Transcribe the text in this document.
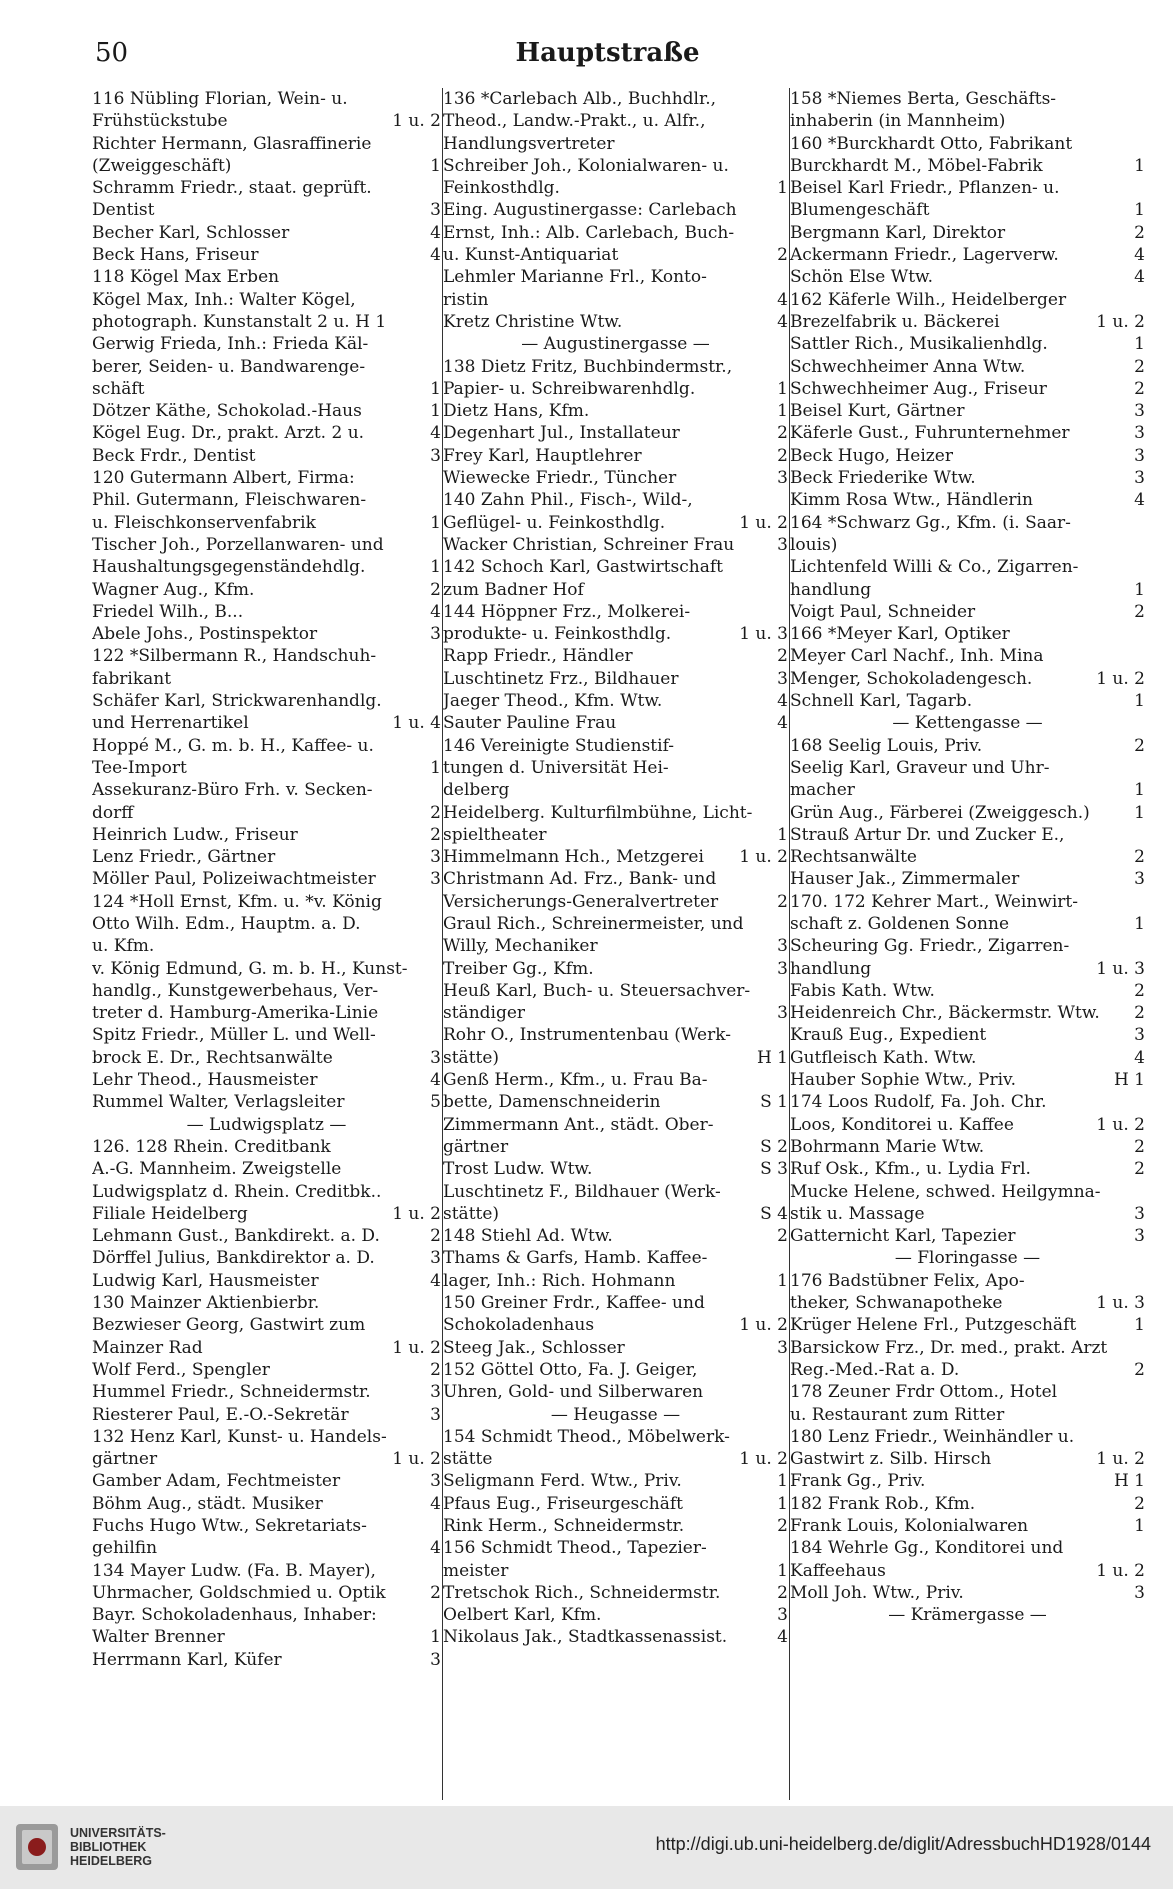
50	Hauptstraße
116 Nübling Florian, Wein- u.
Frühstückstube	1 u. 2
Richter Hermann, Glasraffinerie
(Zweiggeschäft)	1
Schramm Friedr., staat. geprüft.
Dentist	3
Becher Karl, Schlosser	4
Beck Hans, Friseur	4
118 Kögel Max Erben
Kögel Max, Inh.: Walter Kögel,
photograph. Kunstanstalt 2 u. H 1
Gerwig Frieda, Inh.: Frieda Käl-
berer, Seiden- u. Bandwarenge-
schäft	1
Dötzer Käthe, Schokolad.-Haus	1
Kögel Eug. Dr., prakt. Arzt. 2 u.	4
Beck Frdr., Dentist	3
120 Gutermann Albert, Firma:
Phil. Gutermann, Fleischwaren-
u. Fleischkonservenfabrik	1
Tischer Joh., Porzellanwaren- und
Haushaltungsgegenständehdlg.	1
Wagner Aug., Kfm.	2
Friedel Wilh., B...	4
Abele Johs., Postinspektor	3
122 *Silbermann R., Handschuh-
fabrikant
Schäfer Karl, Strickwarenhandlg.
und Herrenartikel	1 u. 4
Hoppé M., G. m. b. H., Kaffee- u.
Tee-Import	1
Assekuranz-Büro Frh. v. Secken-
dorff	2
Heinrich Ludw., Friseur	2
Lenz Friedr., Gärtner	3
Möller Paul, Polizeiwachtmeister	3
124 *Holl Ernst, Kfm. u. *v. König
Otto Wilh. Edm., Hauptm. a. D.
u. Kfm.
v. König Edmund, G. m. b. H., Kunst-
handlg., Kunstgewerbehaus, Ver-
treter d. Hamburg-Amerika-Linie
Spitz Friedr., Müller L. und Well-
brock E. Dr., Rechtsanwälte	3
Lehr Theod., Hausmeister	4
Rummel Walter, Verlagsleiter	5
— Ludwigsplatz —
126. 128 Rhein. Creditbank
A.-G. Mannheim. Zweigstelle
Ludwigsplatz d. Rhein. Creditbk..
Filiale Heidelberg	1 u. 2
Lehmann Gust., Bankdirekt. a. D.	2
Dörffel Julius, Bankdirektor a. D.	3
Ludwig Karl, Hausmeister	4
130 Mainzer Aktienbierbr.
Bezwieser Georg, Gastwirt zum
Mainzer Rad	1 u. 2
Wolf Ferd., Spengler	2
Hummel Friedr., Schneidermstr.	3
Riesterer Paul, E.-O.-Sekretär	3
132 Henz Karl, Kunst- u. Handels-
gärtner	1 u. 2
Gamber Adam, Fechtmeister	3
Böhm Aug., städt. Musiker	4
Fuchs Hugo Wtw., Sekretariats-
gehilfin	4
134 Mayer Ludw. (Fa. B. Mayer),
Uhrmacher, Goldschmied u. Optik	2
Bayr. Schokoladenhaus, Inhaber:
Walter Brenner	1
Herrmann Karl, Küfer	3
136 *Carlebach Alb., Buchhdlr.,
Theod., Landw.-Prakt., u. Alfr.,
Handlungsvertreter
Schreiber Joh., Kolonialwaren- u.
Feinkosthdlg.	1
Eing. Augustinergasse: Carlebach
Ernst, Inh.: Alb. Carlebach, Buch-
u. Kunst-Antiquariat	2
Lehmler Marianne Frl., Konto-
ristin	4
Kretz Christine Wtw.	4
— Augustinergasse —
138 Dietz Fritz, Buchbindermstr.,
Papier- u. Schreibwarenhdlg.	1
Dietz Hans, Kfm.	1
Degenhart Jul., Installateur	2
Frey Karl, Hauptlehrer	2
Wiewecke Friedr., Tüncher	3
140 Zahn Phil., Fisch-, Wild-,
Geflügel- u. Feinkosthdlg.	1 u. 2
Wacker Christian, Schreiner Frau	3
142 Schoch Karl, Gastwirtschaft
zum Badner Hof
144 Höppner Frz., Molkerei-
produkte- u. Feinkosthdlg.	1 u. 3
Rapp Friedr., Händler	2
Luschtinetz Frz., Bildhauer	3
Jaeger Theod., Kfm. Wtw.	4
Sauter Pauline Frau	4
146 Vereinigte Studienstif-
tungen d. Universität Hei-
delberg
Heidelberg. Kulturfilmbühne, Licht-
spieltheater	1
Himmelmann Hch., Metzgerei	1 u. 2
Christmann Ad. Frz., Bank- und
Versicherungs-Generalvertreter	2
Graul Rich., Schreinermeister, und
Willy, Mechaniker	3
Treiber Gg., Kfm.	3
Heuß Karl, Buch- u. Steuersachver-
ständiger	3
Rohr O., Instrumentenbau (Werk-
stätte)	H 1
Genß Herm., Kfm., u. Frau Ba-
bette, Damenschneiderin	S 1
Zimmermann Ant., städt. Ober-
gärtner	S 2
Trost Ludw. Wtw.	S 3
Luschtinetz F., Bildhauer (Werk-
stätte)	S 4
148 Stiehl Ad. Wtw.	2
Thams & Garfs, Hamb. Kaffee-
lager, Inh.: Rich. Hohmann	1
150 Greiner Frdr., Kaffee- und
Schokoladenhaus	1 u. 2
Steeg Jak., Schlosser	3
152 Göttel Otto, Fa. J. Geiger,
Uhren, Gold- und Silberwaren
— Heugasse —
154 Schmidt Theod., Möbelwerk-
stätte	1 u. 2
Seligmann Ferd. Wtw., Priv.	1
Pfaus Eug., Friseurgeschäft	1
Rink Herm., Schneidermstr.	2
156 Schmidt Theod., Tapezier-
meister	1
Tretschok Rich., Schneidermstr.	2
Oelbert Karl, Kfm.	3
Nikolaus Jak., Stadtkassenassist.	4
158 *Niemes Berta, Geschäfts-
inhaberin (in Mannheim)
160 *Burckhardt Otto, Fabrikant
Burckhardt M., Möbel-Fabrik	1
Beisel Karl Friedr., Pflanzen- u.
Blumengeschäft	1
Bergmann Karl, Direktor	2
Ackermann Friedr., Lagerverw.	4
Schön Else Wtw.	4
162 Käferle Wilh., Heidelberger
Brezelfabrik u. Bäckerei	1 u. 2
Sattler Rich., Musikalienhdlg.	1
Schwechheimer Anna Wtw.	2
Schwechheimer Aug., Friseur	2
Beisel Kurt, Gärtner	3
Käferle Gust., Fuhrunternehmer	3
Beck Hugo, Heizer	3
Beck Friederike Wtw.	3
Kimm Rosa Wtw., Händlerin	4
164 *Schwarz Gg., Kfm. (i. Saar-
louis)
Lichtenfeld Willi & Co., Zigarren-
handlung	1
Voigt Paul, Schneider	2
166 *Meyer Karl, Optiker
Meyer Carl Nachf., Inh. Mina
Menger, Schokoladengesch.	1 u. 2
Schnell Karl, Tagarb.	1
— Kettengasse —
168 Seelig Louis, Priv.	2
Seelig Karl, Graveur und Uhr-
macher	1
Grün Aug., Färberei (Zweiggesch.)	1
Strauß Artur Dr. und Zucker E.,
Rechtsanwälte	2
Hauser Jak., Zimmermaler	3
170. 172 Kehrer Mart., Weinwirt-
schaft z. Goldenen Sonne	1
Scheuring Gg. Friedr., Zigarren-
handlung	1 u. 3
Fabis Kath. Wtw.	2
Heidenreich Chr., Bäckermstr. Wtw.	2
Krauß Eug., Expedient	3
Gutfleisch Kath. Wtw.	4
Hauber Sophie Wtw., Priv.	H 1
174 Loos Rudolf, Fa. Joh. Chr.
Loos, Konditorei u. Kaffee	1 u. 2
Bohrmann Marie Wtw.	2
Ruf Osk., Kfm., u. Lydia Frl.	2
Mucke Helene, schwed. Heilgymna-
stik u. Massage	3
Gatternicht Karl, Tapezier	3
— Floringasse —
176 Badstübner Felix, Apo-
theker, Schwanapotheke	1 u. 3
Krüger Helene Frl., Putzgeschäft	1
Barsickow Frz., Dr. med., prakt. Arzt
Reg.-Med.-Rat a. D.	2
178 Zeuner Frdr Ottom., Hotel
u. Restaurant zum Ritter
180 Lenz Friedr., Weinhändler u.
Gastwirt z. Silb. Hirsch	1 u. 2
Frank Gg., Priv.	H 1
182 Frank Rob., Kfm.	2
Frank Louis, Kolonialwaren	1
184 Wehrle Gg., Konditorei und
Kaffeehaus	1 u. 2
Moll Joh. Wtw., Priv.	3
— Krämergasse —
UNIVERSITÄTS-
BIBLIOTHEK
HEIDELBERG
http://digi.ub.uni-heidelberg.de/diglit/AdressbuchHD1928/0144
